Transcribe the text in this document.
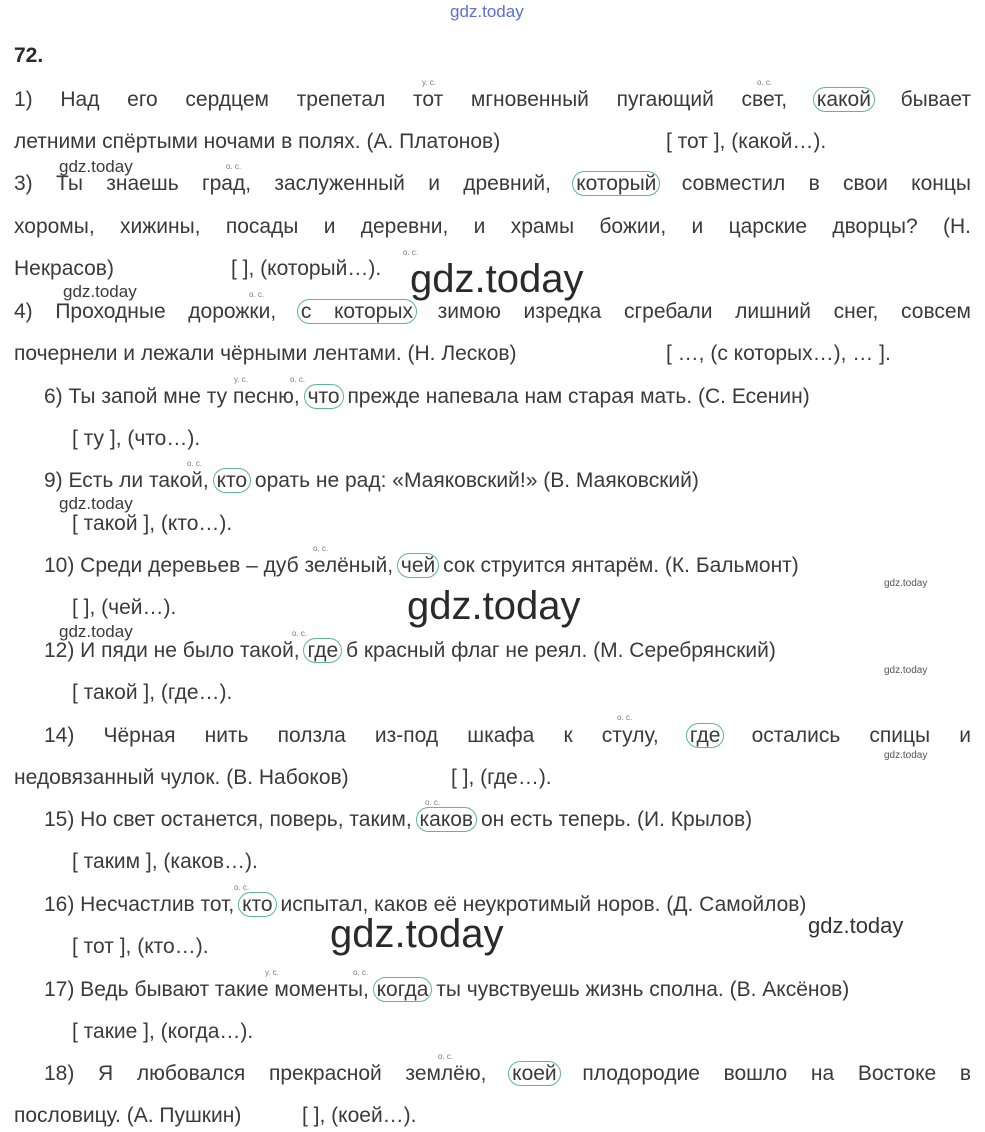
gdz.today
72.
1) Над его сердцем трепетал тот мгновенный пугающий свет, какой бывает
у. с.	о. с.
летними спёртыми ночами в полях. (А. Платонов)	[ тот ], (какой…).
gdz.today	о. с.
3) Ты знаешь град, заслуженный и древний, который совместил в свои концы
хоромы, хижины, посады и деревни, и храмы божии, и царские дворцы? (Н.
Некрасов)	[ ], (который…).
о. с.
gdz.today
gdz.today	о. с.
4) Проходные дорожки, с которых зимою изредка сгребали лишний снег, совсем
почернели и лежали чёрными лентами. (Н. Лесков)	[ …, (с которых…), … ].
у. с.	о. с.
6) Ты запой мне ту песню, что прежде напевала нам старая мать. (С. Есенин)
[ ту ], (что…).
о. с.
9) Есть ли такой, кто орать не рад: «Маяковский!» (В. Маяковский)
gdz.today
[ такой ], (кто…).
о. с.
10) Среди деревьев – дуб зелёный, чей сок струится янтарём. (К. Бальмонт)
gdz.today
[ ], (чей…).	gdz.today
gdz.today	о. с.
12) И пяди не было такой, где б красный флаг не реял. (М. Серебрянский)
gdz.today
[ такой ], (где…).
о. с.
14) Чёрная нить ползла из-под шкафа к стулу, где остались спицы и
gdz.today
недовязанный чулок. (В. Набоков)	[ ], (где…).
о. с.
15) Но свет останется, поверь, таким, каков он есть теперь. (И. Крылов)
[ таким ], (каков…).
о. с.
16) Несчастлив тот, кто испытал, каков её неукротимый норов. (Д. Самойлов)
[ тот ], (кто…).	gdz.today	gdz.today
у. с.	о. с.
17) Ведь бывают такие моменты, когда ты чувствуешь жизнь сполна. (В. Аксёнов)
[ такие ], (когда…).
о. с.
18) Я любовался прекрасной землёю, коей плодородие вошло на Востоке в
пословицу. (А. Пушкин)	[ ], (коей…).
